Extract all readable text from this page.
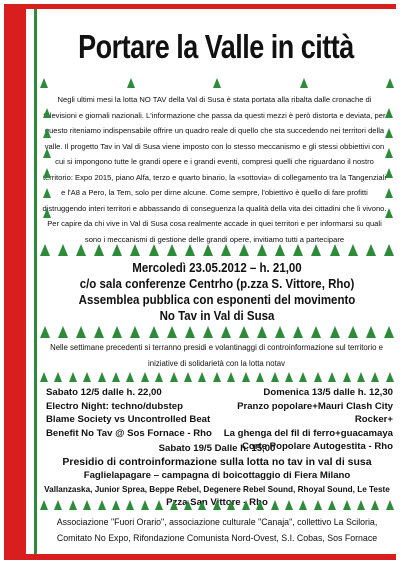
Portare la Valle in città
Negli ultimi mesi la lotta NO TAV della Val di Susa è stata portata alla ribalta dalle cronache di televisioni e giornali nazionali. L'informazione che passa da questi mezzi è però distorta e deviata, per questo riteniamo indispensabile offrire un quadro reale di quello che sta succedendo nei territori della valle. Il progetto Tav in Val di Susa viene imposto con lo stesso meccanismo e gli stessi obbiettivi con cui si impongono tutte le grandi opere e i grandi eventi, compresi quelli che riguardano il nostro territorio: Expo 2015, piano Alfa, terzo e quarto binario, la «sottovia» di collegamento tra la Tangenziali e l'A8 a Pero, la Tem, solo per dirne alcune. Come sempre, l'obiettivo è quello di fare profitti distruggendo interi territori e abbassando di conseguenza la qualità della vita dei cittadini che li vivono. Per capire da chi vive in Val di Susa cosa realmente accade in quei territori e per informarsi su quali sono i meccanismi di gestione delle grandi opere, invitiamo tutti a partecipare
Mercoledì 23.05.2012 – h. 21,00
c/o sala conferenze Centrho (p.zza S. Vittore, Rho)
Assemblea pubblica con esponenti del movimento
No Tav in Val di Susa
Nelle settimane precedenti si terranno presidi e volantinaggi di controinformazione sul territorio e iniziative di solidarietà con la lotta notav
Sabato 12/5 dalle h. 22,00
Electro Night: techno/dubstep
Blame Society vs Uncontrolled Beat
Benefit No Tav @ Sos Fornace - Rho
Domenica 13/5 dalle h. 12,30
Pranzo popolare+Mauri Clash City Rocker+
La ghenga del fil di ferro+guacamaya
Corte Popolare Autogestita - Rho
Sabato 19/5 Dalle h. 15,00
Presidio di controinformazione sulla lotta no tav in val di susa
Faglielapagare – campagna di boicottaggio di Fiera Milano
Vallanzaska, Junior Sprea, Beppe Rebel, Degenere Rebel Sound, Rhoyal Sound, Le Teste
Pzza San Vittore - Rho
Associazione "Fuori Orario", associazione culturale "Canaja", collettivo La Sciloria,
Comitato No Expo, Rifondazione Comunista Nord-Ovest, S.I. Cobas, Sos Fornace
